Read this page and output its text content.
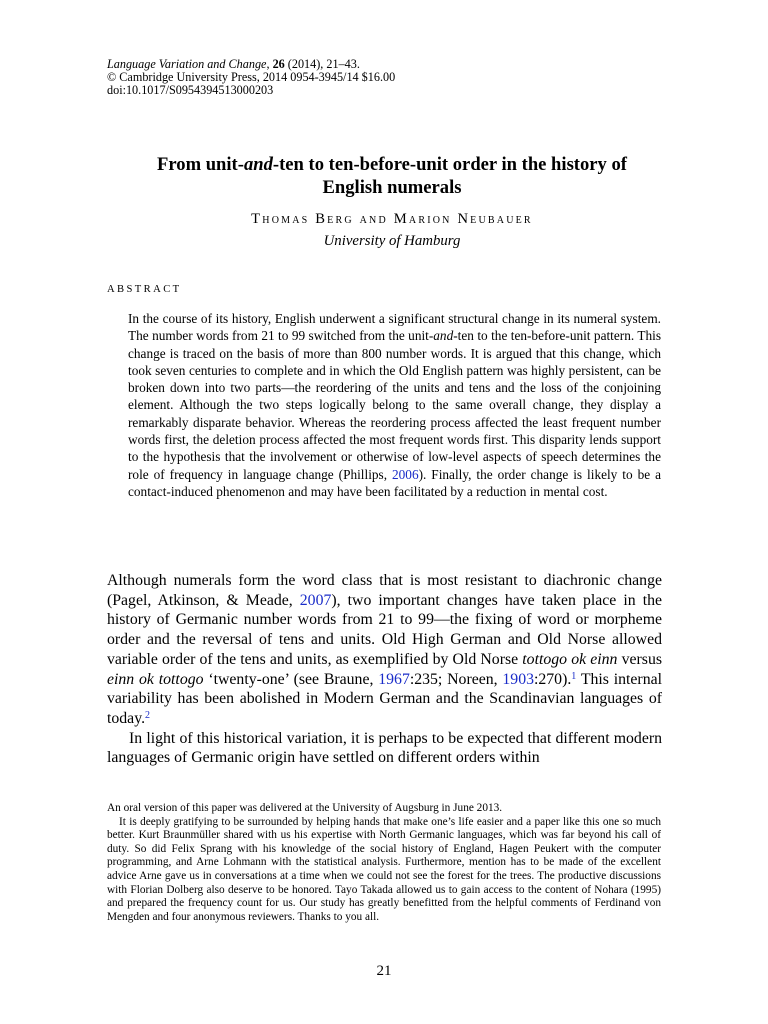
Language Variation and Change, 26 (2014), 21–43.
© Cambridge University Press, 2014 0954-3945/14 $16.00
doi:10.1017/S0954394513000203
From unit-and-ten to ten-before-unit order in the history of
English numerals
Thomas Berg and Marion Neubauer
University of Hamburg
ABSTRACT
In the course of its history, English underwent a significant structural change in its numeral system. The number words from 21 to 99 switched from the unit-and-ten to the ten-before-unit pattern. This change is traced on the basis of more than 800 number words. It is argued that this change, which took seven centuries to complete and in which the Old English pattern was highly persistent, can be broken down into two parts—the reordering of the units and tens and the loss of the conjoining element. Although the two steps logically belong to the same overall change, they display a remarkably disparate behavior. Whereas the reordering process affected the least frequent number words first, the deletion process affected the most frequent words first. This disparity lends support to the hypothesis that the involvement or otherwise of low-level aspects of speech determines the role of frequency in language change (Phillips, 2006). Finally, the order change is likely to be a contact-induced phenomenon and may have been facilitated by a reduction in mental cost.

Although numerals form the word class that is most resistant to diachronic change (Pagel, Atkinson, & Meade, 2007), two important changes have taken place in the history of Germanic number words from 21 to 99—the fixing of word or morpheme order and the reversal of tens and units. Old High German and Old Norse allowed variable order of the tens and units, as exemplified by Old Norse tottogo ok einn versus einn ok tottogo ‘twenty-one’ (see Braune, 1967:235; Noreen, 1903:270).$^1$ This internal variability has been abolished in Modern German and the Scandinavian languages of today.$^2$

In light of this historical variation, it is perhaps to be expected that different modern languages of Germanic origin have settled on different orders within

An oral version of this paper was delivered at the University of Augsburg in June 2013.

It is deeply gratifying to be surrounded by helping hands that make one’s life easier and a paper like this one so much better. Kurt Braunmüller shared with us his expertise with North Germanic languages, which was far beyond his call of duty. So did Felix Sprang with his knowledge of the social history of England, Hagen Peukert with the computer programming, and Arne Lohmann with the statistical analysis. Furthermore, mention has to be made of the excellent advice Arne gave us in conversations at a time when we could not see the forest for the trees. The productive discussions with Florian Dolberg also deserve to be honored. Tayo Takada allowed us to gain access to the content of Nohara (1995) and prepared the frequency count for us. Our study has greatly benefitted from the helpful comments of Ferdinand von Mengden and four anonymous reviewers. Thanks to you all.

21
